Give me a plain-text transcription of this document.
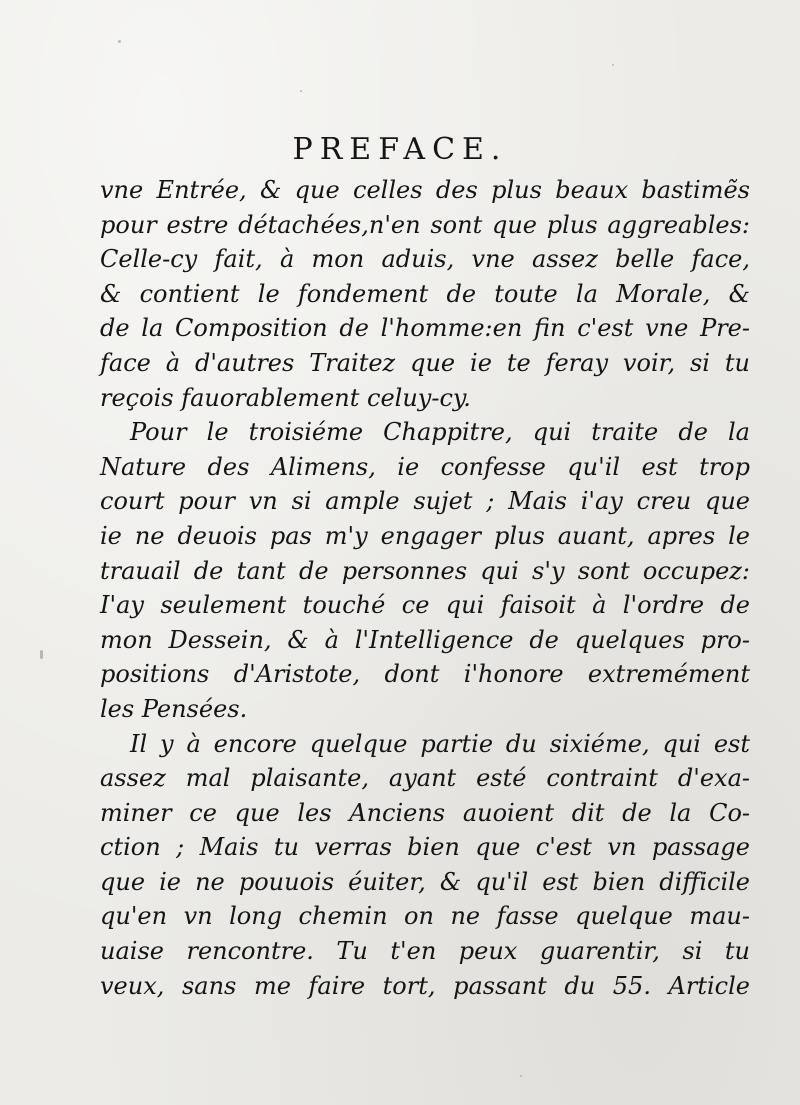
PREFACE.
vne Entrée, & que celles des plus beaux bastimẽs
pour estre détachées,n'en sont que plus aggreables:
Celle-cy fait, à mon aduis, vne assez belle face,
& contient le fondement de toute la Morale, &
de la Composition de l'homme:en fin c'est vne Pre-
face à d'autres Traitez que ie te feray voir, si tu
reçois fauorablement celuy-cy.
Pour le troisiéme Chappitre, qui traite de la
Nature des Alimens, ie confesse qu'il est trop
court pour vn si ample sujet ; Mais i'ay creu que
ie ne deuois pas m'y engager plus auant, apres le
trauail de tant de personnes qui s'y sont occupez:
I'ay seulement touché ce qui faisoit à l'ordre de
mon Dessein, & à l'Intelligence de quelques pro-
positions d'Aristote, dont i'honore extremément
les Pensées.
Il y à encore quelque partie du sixiéme, qui est
assez mal plaisante, ayant esté contraint d'exa-
miner ce que les Anciens auoient dit de la Co-
ction ; Mais tu verras bien que c'est vn passage
que ie ne pouuois éuiter, & qu'il est bien difficile
qu'en vn long chemin on ne fasse quelque mau-
uaise rencontre. Tu t'en peux guarentir, si tu
veux, sans me faire tort, passant du 55. Article
